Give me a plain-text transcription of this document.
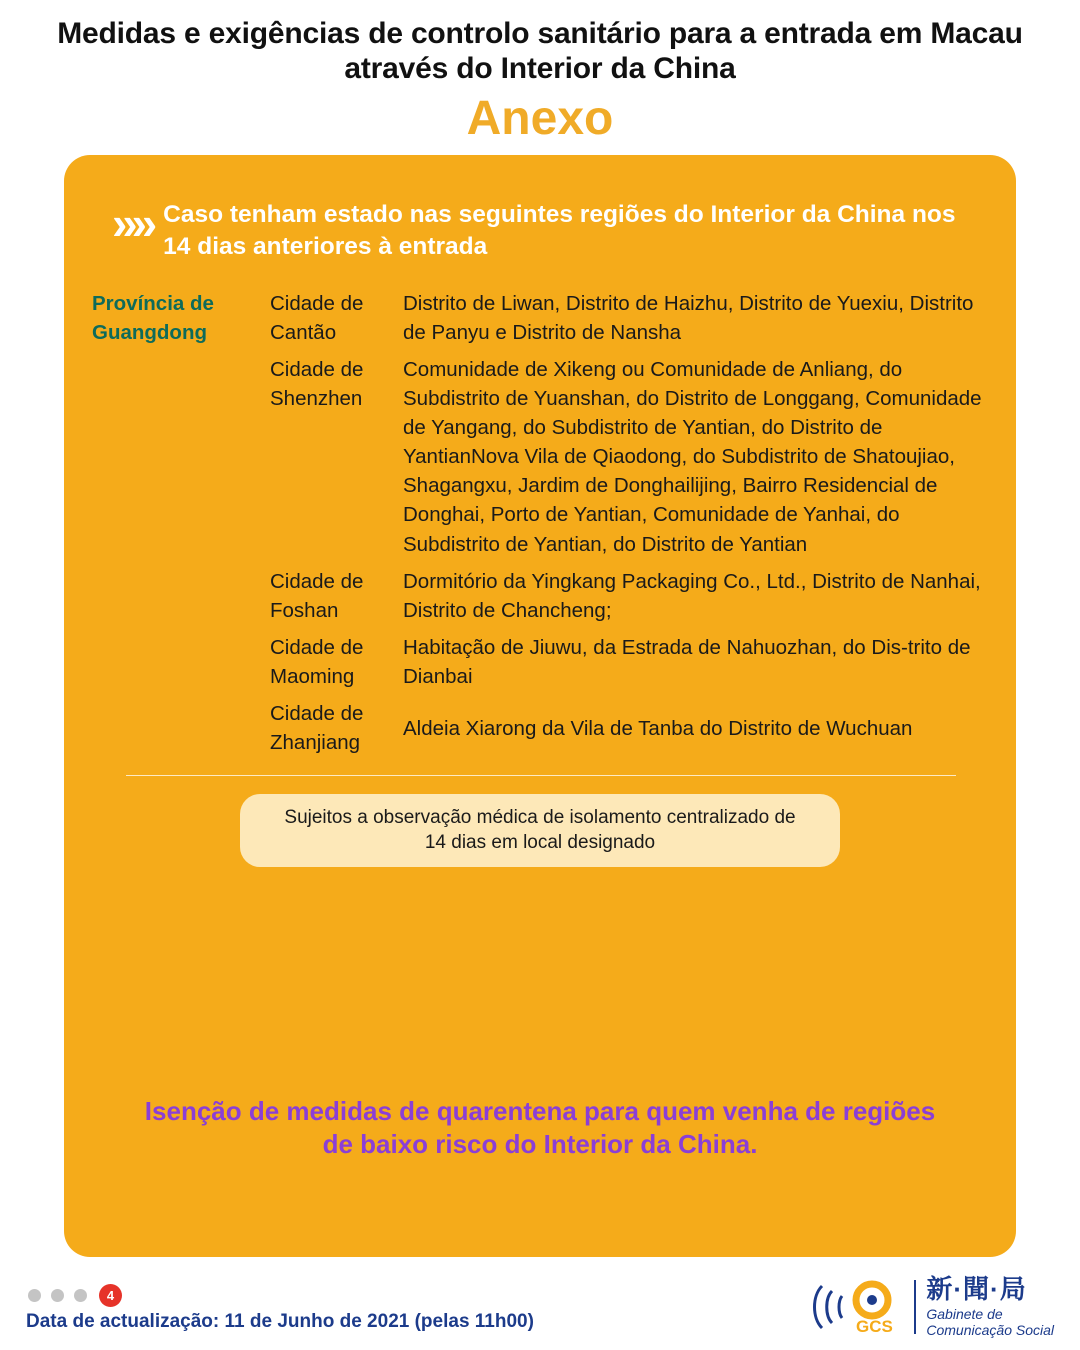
Medidas e exigências de controlo sanitário para a entrada em Macau através do Interior da China
Anexo
»» Caso tenham estado nas seguintes regiões do Interior da China nos 14 dias anteriores à entrada
Província de Guangdong
Cidade de Cantão
Distrito de Liwan, Distrito de Haizhu, Distrito de Yuexiu, Distrito de Panyu e Distrito de Nansha
Cidade de Shenzhen
Comunidade de Xikeng ou Comunidade de Anliang, do Subdistrito de Yuanshan, do Distrito de Longgang, Comunidade de Yangang, do Subdistrito de Yantian, do Distrito de YantianNova Vila de Qiaodong, do Subdistrito de Shatoujiao, Shagangxu, Jardim de Donghailijing, Bairro Residencial de Donghai, Porto de Yantian, Comunidade de Yanhai, do Subdistrito de Yantian, do Distrito de Yantian
Cidade de Foshan
Dormitório da Yingkang Packaging Co., Ltd., Distrito de Nanhai, Distrito de Chancheng;
Cidade de Maoming
Habitação de Jiuwu, da Estrada de Nahuozhan, do Dis-trito de Dianbai
Cidade de Zhanjiang
Aldeia Xiarong da Vila de Tanba do Distrito de Wuchuan
Sujeitos a observação médica de isolamento centralizado de 14 dias em local designado
Isenção de medidas de quarentena para quem venha de regiões de baixo risco do Interior da China.
4
Data de actualização: 11 de Junho de 2021 (pelas 11h00)	GCS
新·聞·局
Gabinete de
Comunicação Social
